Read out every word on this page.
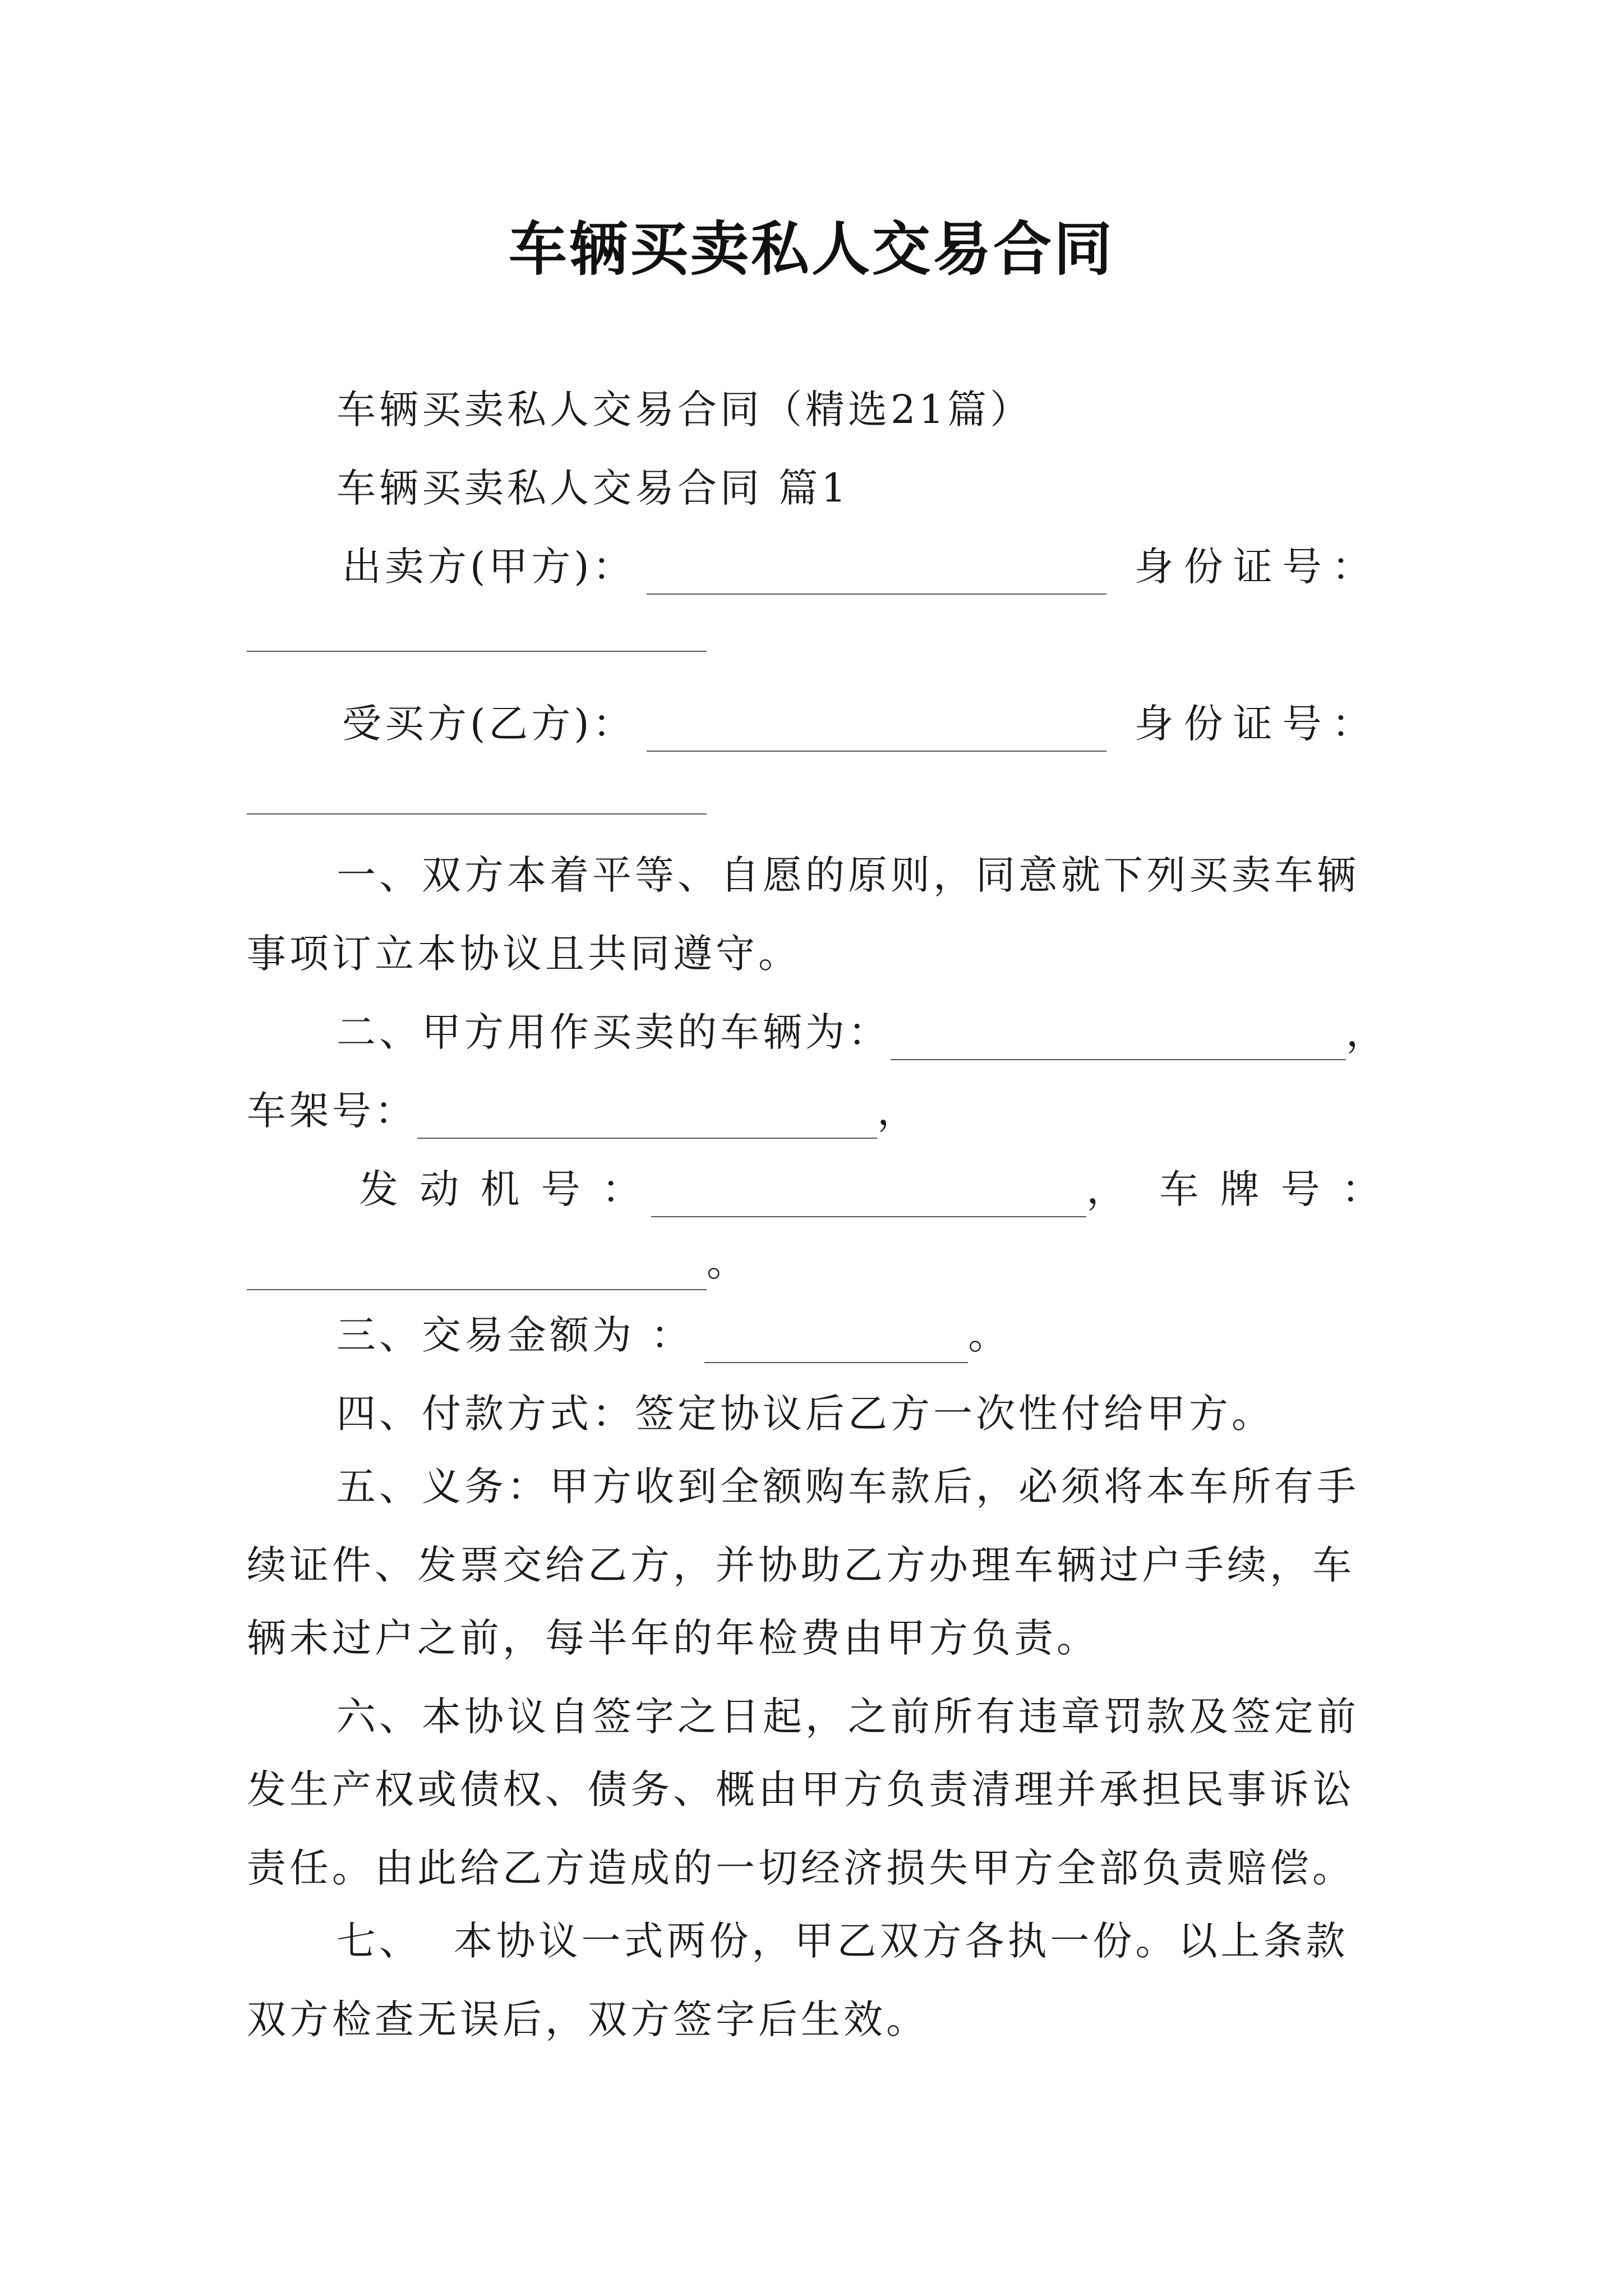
车辆买卖私人交易合同
车辆买卖私人交易合同（精选21篇）
车辆买卖私人交易合同 篇1
出卖方(甲方)：	身份证号：
受买方(乙方)：	身份证号：
一、双方本着平等、自愿的原则，同意就下列买卖车辆
事项订立本协议且共同遵守。
二、甲方用作买卖的车辆为：	，
车架号：	，
发 动 机 号 ：	， 车 牌 号 ：
。
三、交易金额为 ：	。
四、付款方式：签定协议后乙方一次性付给甲方。
五、义务：甲方收到全额购车款后，必须将本车所有手
续证件、发票交给乙方，并协助乙方办理车辆过户手续，车
辆未过户之前，每半年的年检费由甲方负责。
六、本协议自签字之日起，之前所有违章罚款及签定前
发生产权或债权、债务、概由甲方负责清理并承担民事诉讼
责任。由此给乙方造成的一切经济损失甲方全部负责赔偿。
七、  本协议一式两份，甲乙双方各执一份。以上条款
双方检查无误后，双方签字后生效。
